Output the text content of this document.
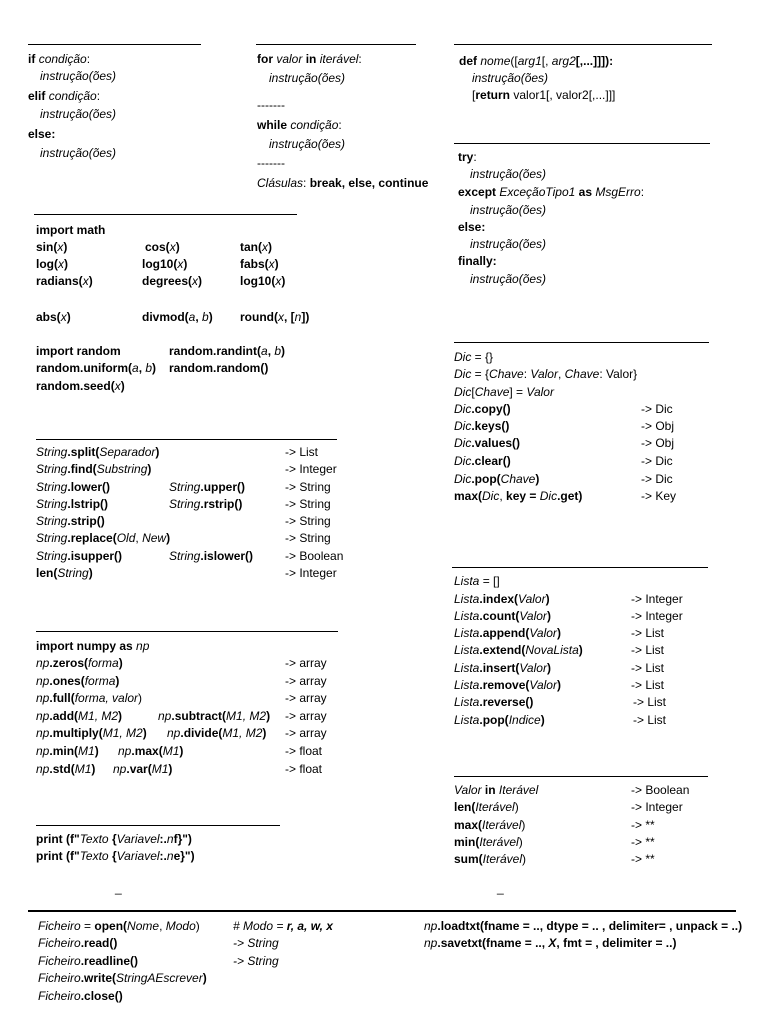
if condição:
instrução(ões)
elif condição:
instrução(ões)
else:
instrução(ões)
for valor in iterável:
instrução(ões)
-------
while condição:
instrução(ões)
-------
Clásulas: break, else, continue
def nome([arg1[, arg2[,...]]]):
instrução(ões)
[return valor1[, valor2[,...]]]
try:
instrução(ões)
except ExceçãoTipo1 as MsgErro:
instrução(ões)
else:
instrução(ões)
finally:
instrução(ões)
import math
sin(x)	cos(x)	tan(x)
log(x)	log10(x)	fabs(x)
radians(x)	degrees(x)	log10(x)
abs(x)	divmod(a, b) round(x, [n])
import random	random.randint(a, b)
random.uniform(a, b) random.random()
random.seed(x)
String.split(Separador)	-> List
String.find(Substring)	-> Integer
String.lower()	String.upper()	-> String
String.lstrip()	String.rstrip()	-> String
String.strip()	-> String
String.replace(Old, New)	-> String
String.isupper()	String.islower()	-> Boolean
len(String)	-> Integer
import numpy as np
np.zeros(forma)	-> array
np.ones(forma)	-> array
np.full(forma, valor)	-> array
np.add(M1, M2)	np.subtract(M1, M2) -> array
np.multiply(M1, M2) np.divide(M1, M2) -> array
np.min(M1) np.max(M1)	-> float
np.std(M1) np.var(M1)	-> float
print (f"Texto {Variavel:.nf}")
print (f"Texto {Variavel:.ne}")
Dic = {}
Dic = {Chave: Valor, Chave: Valor}
Dic[Chave] = Valor
Dic.copy()	-> Dic
Dic.keys()	-> Obj
Dic.values()	-> Obj
Dic.clear()	-> Dic
Dic.pop(Chave)	-> Dic
max(Dic, key = Dic.get)	-> Key
Lista = []
Lista.index(Valor)	-> Integer
Lista.count(Valor)	-> Integer
Lista.append(Valor)	-> List
Lista.extend(NovaLista)	-> List
Lista.insert(Valor)	-> List
Lista.remove(Valor)	-> List
Lista.reverse()	-> List
Lista.pop(Indice)	-> List
Valor in Iterável	-> Boolean
len(Iterável)	-> Integer
max(Iterável)	-> **
min(Iterável)	-> **
sum(Iterável)	-> **
_	_
Ficheiro = open(Nome, Modo)	# Modo = r, a, w, x
Ficheiro.read()	-> String
Ficheiro.readline()	-> String
Ficheiro.write(StringAEscrever)
Ficheiro.close()
np.loadtxt(fname = .., dtype = .. , delimiter= , unpack = ..)
np.savetxt(fname = .., X, fmt = , delimiter = ..)
